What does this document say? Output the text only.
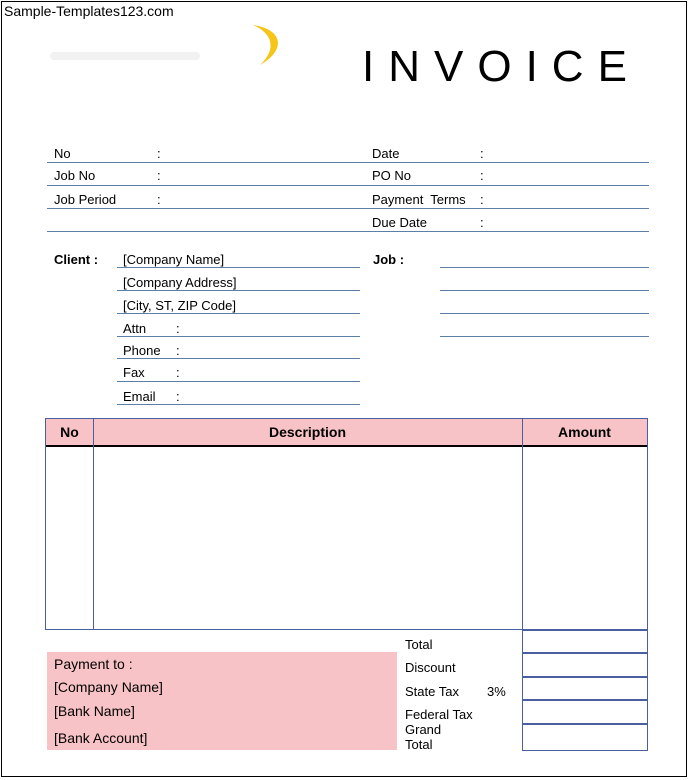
Sample-Templates123.com
INVOICE
No	:
Job No	:
Job Period	:
Date	:
PO No	:
Payment  Terms :
Due Date	:
Client : [Company Name]
[Company Address]
[City, ST, ZIP Code]
Attn :
Phone :
Fax :
Email :
Job :
No	Description	Amount
Total
Discount
State Tax 3%
Federal Tax
Grand
Total
Payment to :
[Company Name]
[Bank Name]
[Bank Account]
